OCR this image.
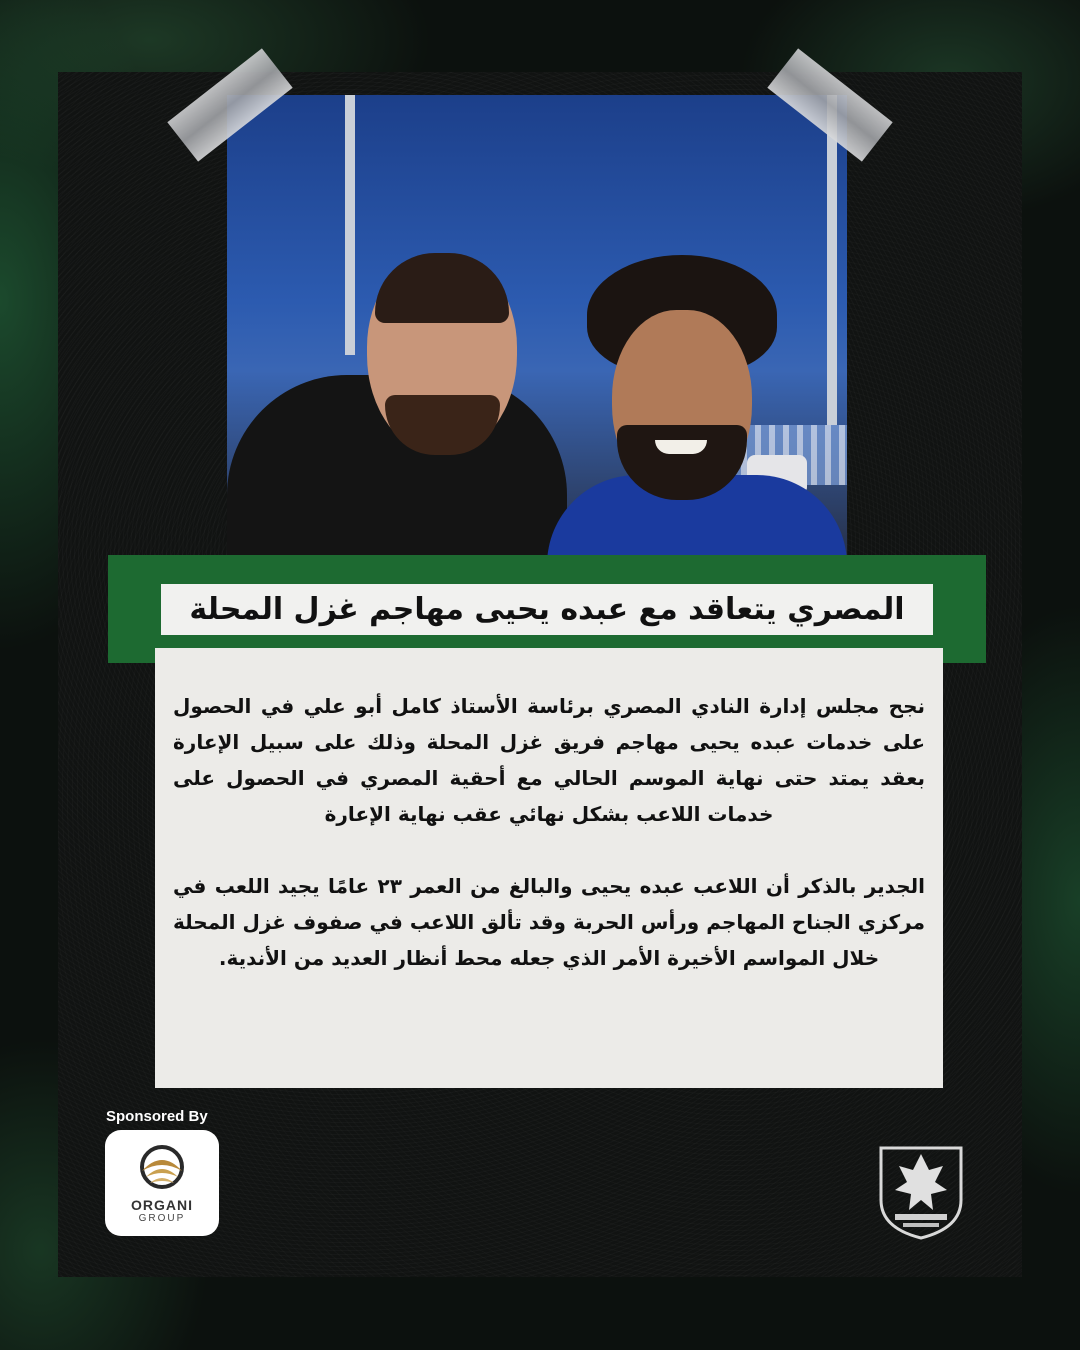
المصري يتعاقد مع عبده يحيى مهاجم غزل المحلة

نجح مجلس إدارة النادي المصري برئاسة الأستاذ كامل أبو علي في الحصول على خدمات عبده يحيى مهاجم فريق غزل المحلة وذلك على سبيل الإعارة بعقد يمتد حتى نهاية الموسم الحالي مع أحقية المصري في الحصول على خدمات اللاعب بشكل نهائي عقب نهاية الإعارة

الجدير بالذكر أن اللاعب عبده يحيى والبالغ من العمر ٢٣ عامًا يجيد اللعب في مركزي الجناح المهاجم ورأس الحربة وقد تألق اللاعب في صفوف غزل المحلة خلال المواسم الأخيرة الأمر الذي جعله محط أنظار العديد من الأندية.

Sponsored By
ORGANI
GROUP
